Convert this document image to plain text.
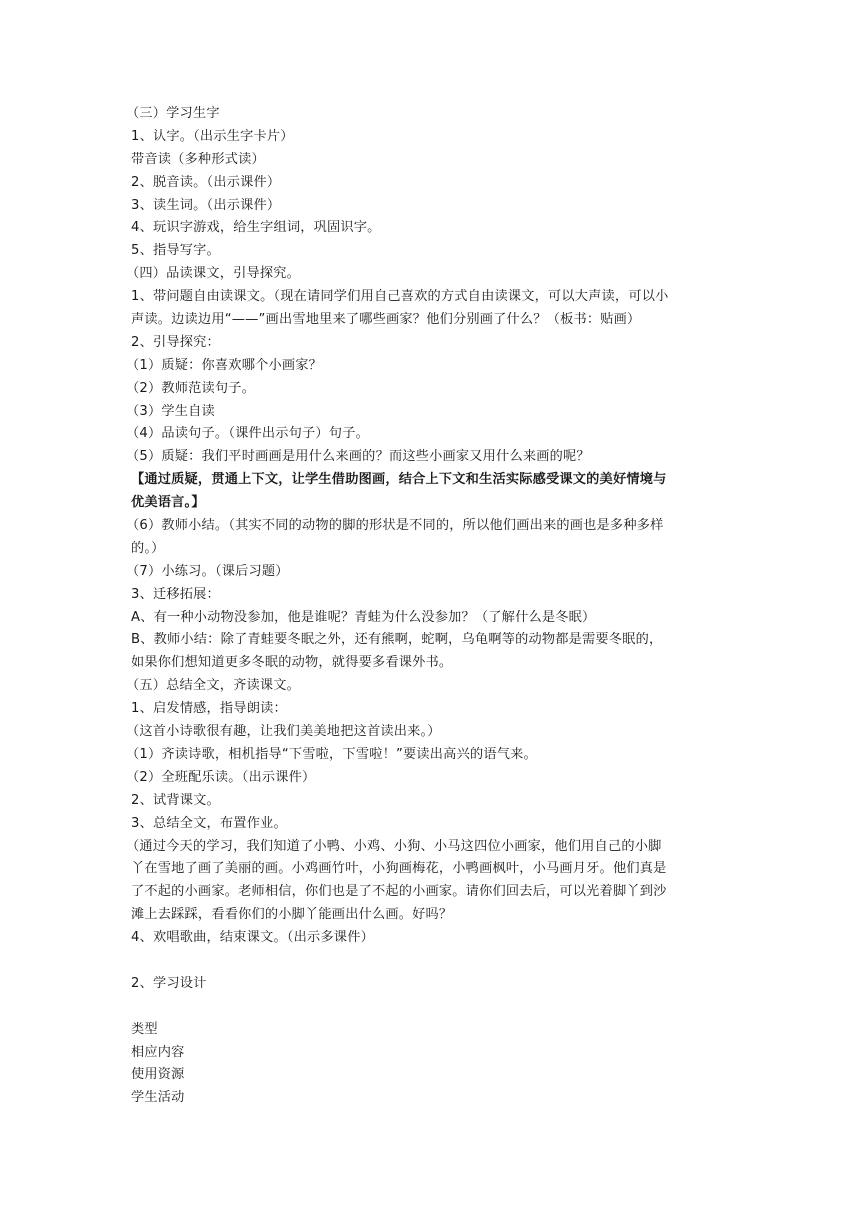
（三）学习生字
1、认字。（出示生字卡片）
带音读（多种形式读）
2、脱音读。（出示课件）
3、读生词。（出示课件）
4、玩识字游戏，给生字组词，巩固识字。
5、指导写字。
（四）品读课文，引导探究。
1、带问题自由读课文。（现在请同学们用自己喜欢的方式自由读课文，可以大声读，可以小
声读。边读边用“——”画出雪地里来了哪些画家？他们分别画了什么？（板书：贴画）
2、引导探究：
（1）质疑：你喜欢哪个小画家？
（2）教师范读句子。
（3）学生自读
（4）品读句子。（课件出示句子）句子。
（5）质疑：我们平时画画是用什么来画的？而这些小画家又用什么来画的呢？
【通过质疑，贯通上下文，让学生借助图画，结合上下文和生活实际感受课文的美好情境与
优美语言。】
（6）教师小结。（其实不同的动物的脚的形状是不同的，所以他们画出来的画也是多种多样
的。）
（7）小练习。（课后习题）
3、迁移拓展：
A、有一种小动物没参加，他是谁呢？青蛙为什么没参加？（了解什么是冬眠）
B、教师小结：除了青蛙要冬眠之外，还有熊啊，蛇啊，乌龟啊等的动物都是需要冬眠的，
如果你们想知道更多冬眠的动物，就得要多看课外书。
（五）总结全文，齐读课文。
1、启发情感，指导朗读：
（这首小诗歌很有趣，让我们美美地把这首读出来。）
（1）齐读诗歌，相机指导“下雪啦，下雪啦！”要读出高兴的语气来。
（2）全班配乐读。（出示课件）
2、试背课文。
3、总结全文，布置作业。
（通过今天的学习，我们知道了小鸭、小鸡、小狗、小马这四位小画家，他们用自己的小脚
丫在雪地了画了美丽的画。小鸡画竹叶，小狗画梅花，小鸭画枫叶，小马画月牙。他们真是
了不起的小画家。老师相信，你们也是了不起的小画家。请你们回去后，可以光着脚丫到沙
滩上去踩踩，看看你们的小脚丫能画出什么画。好吗？
4、欢唱歌曲，结束课文。（出示多课件）
2、学习设计
类型
相应内容
使用资源
学生活动
